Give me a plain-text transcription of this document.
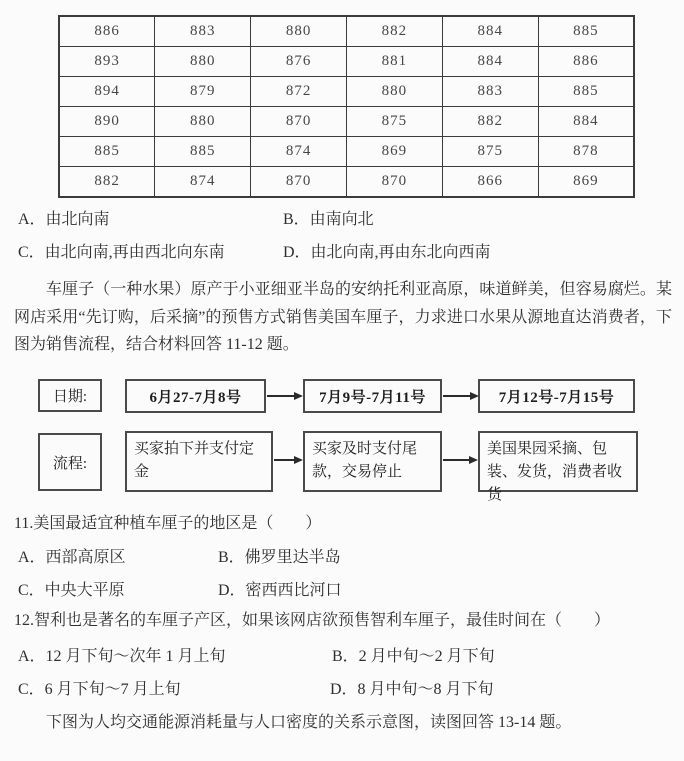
886	883	880	882	884	885
893	880	876	881	884	886
894	879	872	880	883	885
890	880	870	875	882	884
885	885	874	869	875	878
882	874	870	870	866	869
A．由北向南	B．由南向北
C．由北向南,再由西北向东南	D．由北向南,再由东北向西南
车厘子（一种水果）原产于小亚细亚半岛的安纳托利亚高原，味道鲜美，但容易腐烂。某网店采用“先订购，后采摘”的预售方式销售美国车厘子，力求进口水果从源地直达消费者，下图为销售流程，结合材料回答 11-12 题。
日期:	6月27-7月8号	7月9号-7月11号	7月12号-7月15号
流程:
买家拍下并支付定金
买家及时支付尾款，交易停止
美国果园采摘、包装、发货，消费者收货
11.美国最适宜种植车厘子的地区是（　　）
A．西部高原区	B．佛罗里达半岛
C．中央大平原	D．密西西比河口
12.智利也是著名的车厘子产区，如果该网店欲预售智利车厘子，最佳时间在（　　）
A．12 月下旬～次年 1 月上旬	B．2 月中旬～2 月下旬
C．6 月下旬～7 月上旬	D．8 月中旬～8 月下旬
下图为人均交通能源消耗量与人口密度的关系示意图，读图回答 13-14 题。
